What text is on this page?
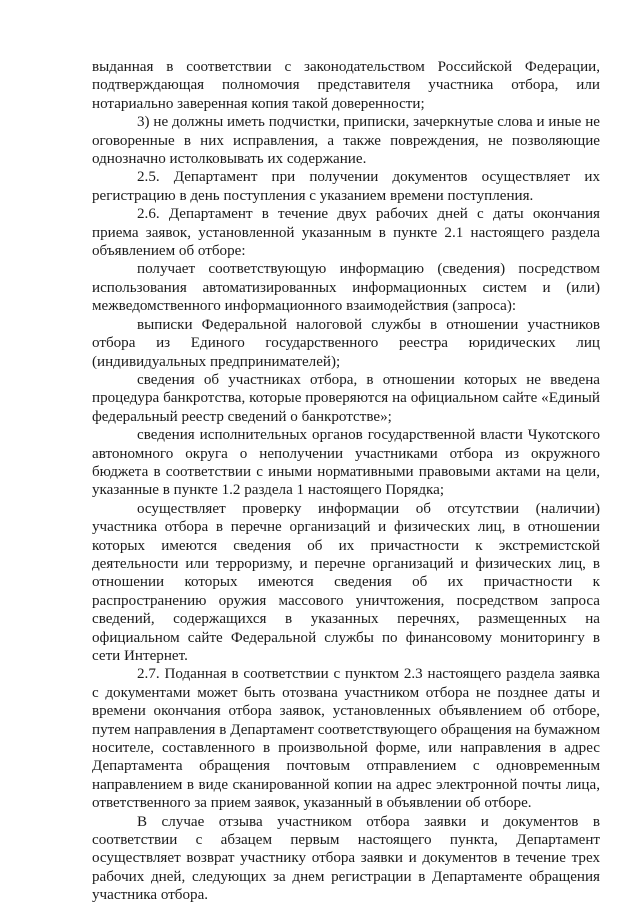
выданная в соответствии с законодательством Российской Федерации, подтверждающая полномочия представителя участника отбора, или нотариально заверенная копия такой доверенности;

3) не должны иметь подчистки, приписки, зачеркнутые слова и иные не оговоренные в них исправления, а также повреждения, не позволяющие однозначно истолковывать их содержание.

2.5. Департамент при получении документов осуществляет их регистрацию в день поступления с указанием времени поступления.

2.6. Департамент в течение двух рабочих дней с даты окончания приема заявок, установленной указанным в пункте 2.1 настоящего раздела объявлением об отборе:

получает соответствующую информацию (сведения) посредством использования автоматизированных информационных систем и (или) межведомственного информационного взаимодействия (запроса):

выписки Федеральной налоговой службы в отношении участников отбора из Единого государственного реестра юридических лиц (индивидуальных предпринимателей);

сведения об участниках отбора, в отношении которых не введена процедура банкротства, которые проверяются на официальном сайте «Единый федеральный реестр сведений о банкротстве»;

сведения исполнительных органов государственной власти Чукотского автономного округа о неполучении участниками отбора из окружного бюджета в соответствии с иными нормативными правовыми актами на цели, указанные в пункте 1.2 раздела 1 настоящего Порядка;

осуществляет проверку информации об отсутствии (наличии) участника отбора в перечне организаций и физических лиц, в отношении которых имеются сведения об их причастности к экстремистской деятельности или терроризму, и перечне организаций и физических лиц, в отношении которых имеются сведения об их причастности к распространению оружия массового уничтожения, посредством запроса сведений, содержащихся в указанных перечнях, размещенных на официальном сайте Федеральной службы по финансовому мониторингу в сети Интернет.

2.7. Поданная в соответствии с пунктом 2.3 настоящего раздела заявка с документами может быть отозвана участником отбора не позднее даты и времени окончания отбора заявок, установленных объявлением об отборе, путем направления в Департамент соответствующего обращения на бумажном носителе, составленного в произвольной форме, или направления в адрес Департамента обращения почтовым отправлением с одновременным направлением в виде сканированной копии на адрес электронной почты лица, ответственного за прием заявок, указанный в объявлении об отборе.

В случае отзыва участником отбора заявки и документов в соответствии с абзацем первым настоящего пункта, Департамент осуществляет возврат участнику отбора заявки и документов в течение трех рабочих дней, следующих за днем регистрации в Департаменте обращения участника отбора.
